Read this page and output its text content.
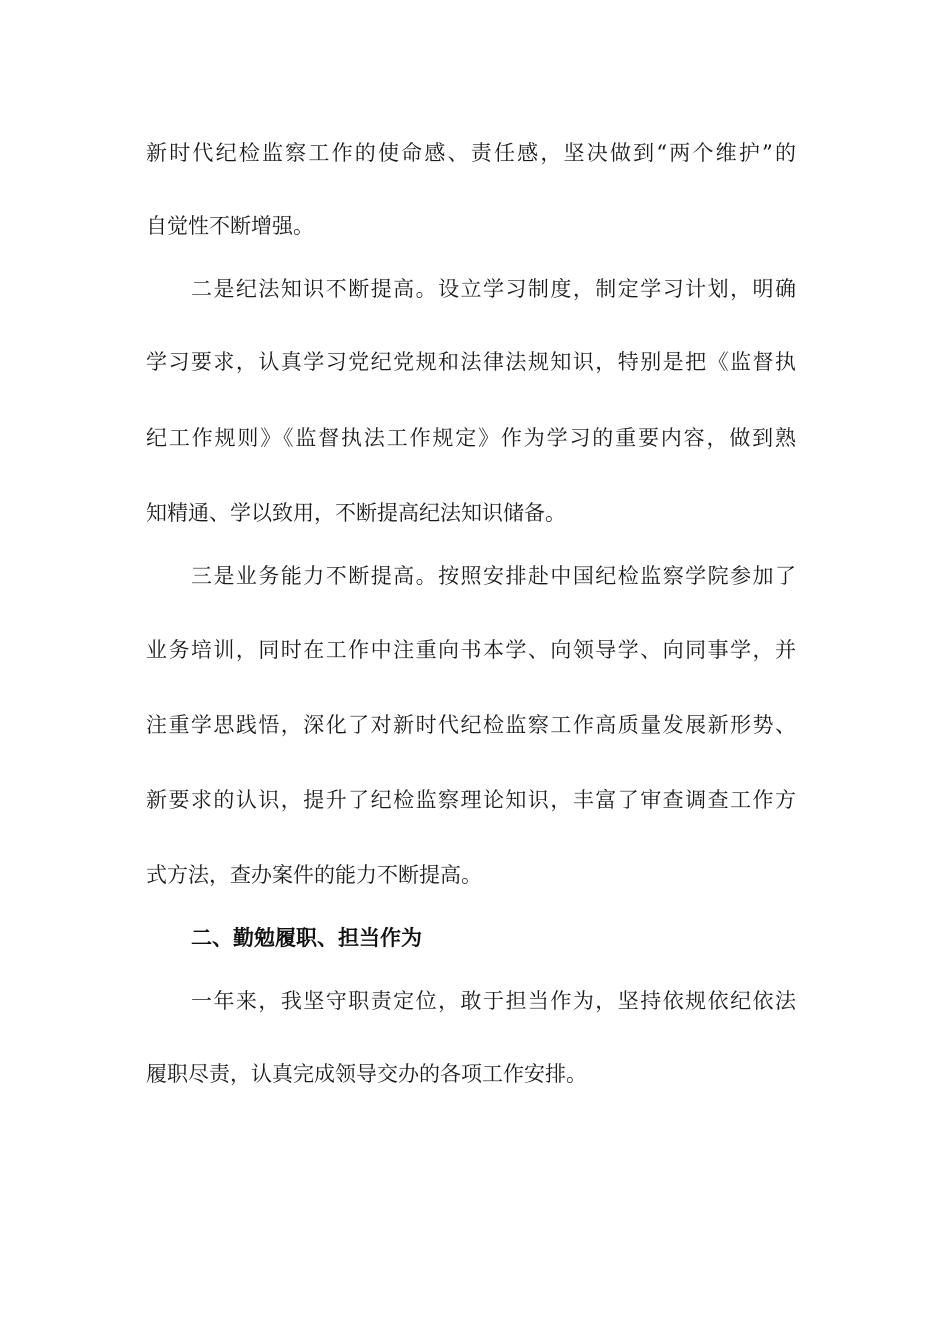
新时代纪检监察工作的使命感、责任感，坚决做到“两个维护”的
自觉性不断增强。
二是纪法知识不断提高。设立学习制度，制定学习计划，明确
学习要求，认真学习党纪党规和法律法规知识，特别是把《监督执
纪工作规则》《监督执法工作规定》作为学习的重要内容，做到熟
知精通、学以致用，不断提高纪法知识储备。
三是业务能力不断提高。按照安排赴中国纪检监察学院参加了
业务培训，同时在工作中注重向书本学、向领导学、向同事学，并
注重学思践悟，深化了对新时代纪检监察工作高质量发展新形势、
新要求的认识，提升了纪检监察理论知识，丰富了审查调查工作方
式方法，查办案件的能力不断提高。
二、勤勉履职、担当作为
一年来，我坚守职责定位，敢于担当作为，坚持依规依纪依法
履职尽责，认真完成领导交办的各项工作安排。
